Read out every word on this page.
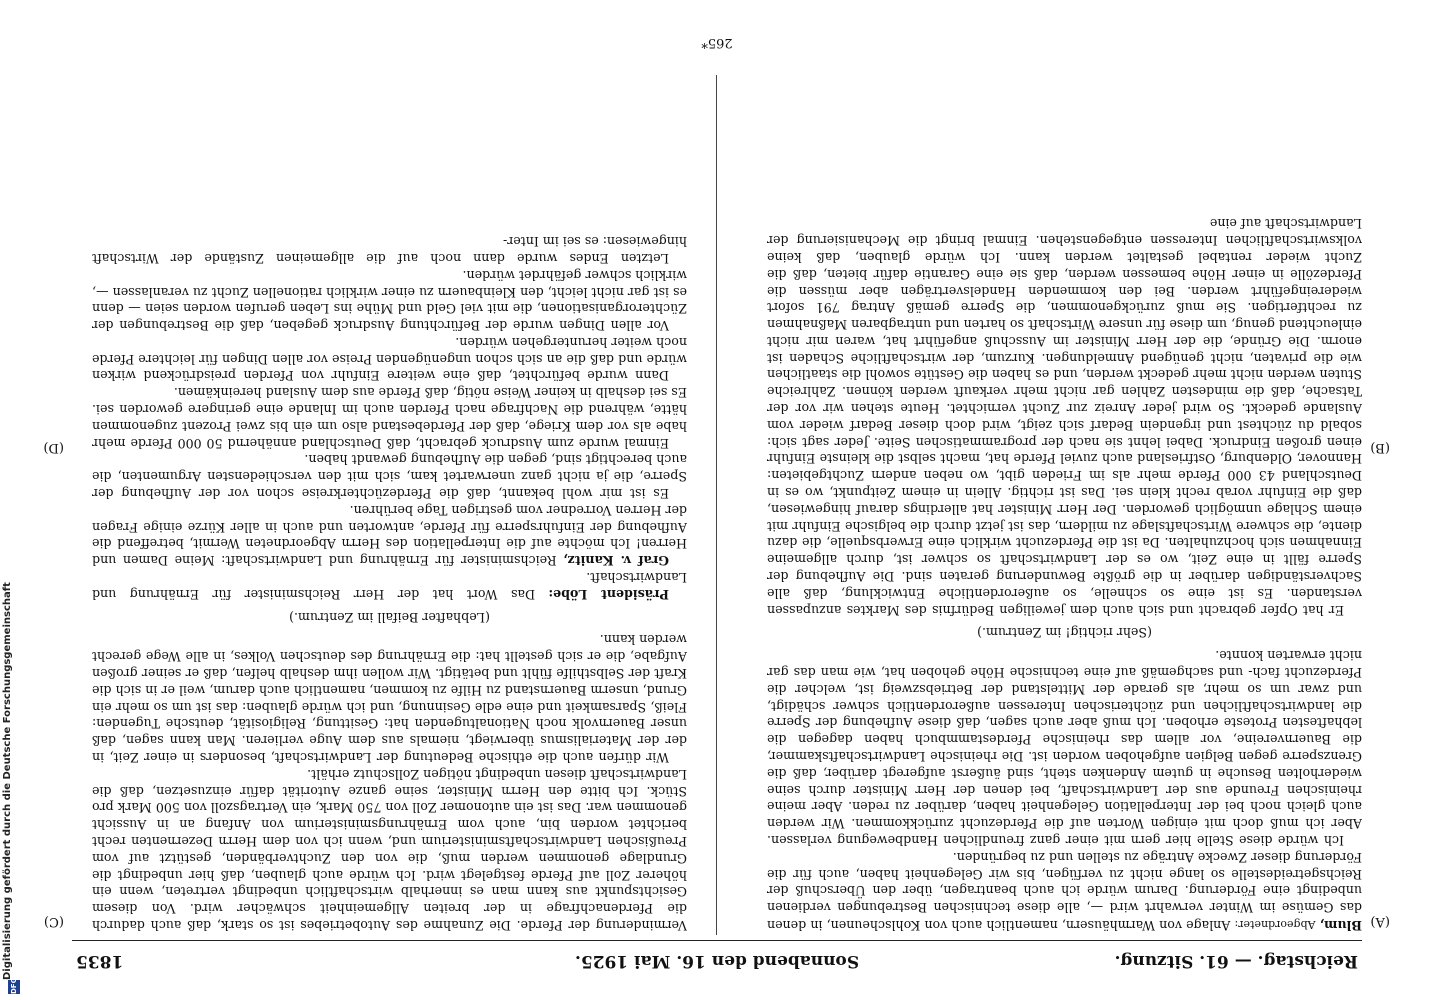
DFG
Digitalisierung gefördert durch die Deutsche Forschungsgemeinschaft	Reichstag. — 61. Sitzung.
Sonnabend den 16. Mai 1925.
1835
(A)
(B)
(C)
(D)

Blum, Abgeordneter: Anlage von Warmhäusern, namentlich auch von Kohlscheunen, in denen das Gemüse im Winter verwahrt wird —, alle diese technischen Bestrebungen verdienen unbedingt eine Förderung. Darum würde ich auch beantragen, über den Überschuß der Reichsgetreidestelle so lange nicht zu verfügen, bis wir Gelegenheit haben, auch für die Förderung dieser Zwecke Anträge zu stellen und zu begründen.

Ich würde diese Stelle hier gern mit einer ganz freundlichen Handbewegung verlassen. Aber ich muß doch mit einigen Worten auf die Pferdezucht zurückkommen. Wir werden auch gleich noch bei der Interpellation Gelegenheit haben, darüber zu reden. Aber meine rheinischen Freunde aus der Landwirtschaft, bei denen der Herr Minister durch seine wiederholten Besuche in gutem Andenken steht, sind äußerst aufgeregt darüber, daß die Grenzsperre gegen Belgien aufgehoben worden ist. Die rheinische Landwirtschaftskammer, die Bauernvereine, vor allem das rheinische Pferdestammbuch haben dagegen die lebhaftesten Proteste erhoben. Ich muß aber auch sagen, daß diese Aufhebung der Sperre die landwirtschaftlichen und züchterischen Interessen außerordentlich schwer schädigt, und zwar um so mehr, als gerade der Mittelstand der Betriebszweig ist, welcher die Pferdezucht fach- und sachgemäß auf eine technische Höhe gehoben hat, wie man das gar nicht erwarten konnte.

(Sehr richtig! im Zentrum.)

Er hat Opfer gebracht und sich auch dem jeweiligen Bedürfnis des Marktes anzupassen verstanden. Es ist eine so schnelle, so außerordentliche Entwicklung, daß alle Sachverständigen darüber in die größte Bewunderung geraten sind. Die Aufhebung der Sperre fällt in eine Zeit, wo es der Landwirtschaft so schwer ist, durch allgemeine Einnahmen sich hochzuhalten. Da ist die Pferdezucht wirklich eine Erwerbsquelle, die dazu diente, die schwere Wirtschaftslage zu mildern, das ist jetzt durch die belgische Einfuhr mit einem Schlage unmöglich geworden. Der Herr Minister hat allerdings darauf hingewiesen, daß die Einfuhr vorab recht klein sei. Das ist richtig. Allein in einem Zeitpunkt, wo es in Deutschland 43 000 Pferde mehr als im Frieden gibt, wo neben andern Zuchtgebieten: Hannover, Oldenburg, Ostfriesland auch zuviel Pferde hat, macht selbst die kleinste Einfuhr einen großen Eindruck. Dabei lehnt sie nach der programmatischen Seite. Jeder sagt sich: sobald du züchtest und irgendein Bedarf sich zeigt, wird doch dieser Bedarf wieder vom Auslande gedeckt. So wird jeder Anreiz zur Zucht vernichtet. Heute stehen wir vor der Tatsache, daß die mindesten Zahlen gar nicht mehr verkauft werden können. Zahlreiche Stuten werden nicht mehr gedeckt werden, und es haben die Gestüte sowohl die staatlichen wie die privaten, nicht genügend Anmeldungen. Kurzum, der wirtschaftliche Schaden ist enorm. Die Gründe, die der Herr Minister im Ausschuß angeführt hat, waren mir nicht einleuchtend genug, um diese für unsere Wirtschaft so harten und untragbaren Maßnahmen zu rechtfertigen. Sie muß zurückgenommen, die Sperre gemäß Antrag 791 sofort wiedereingeführt werden. Bei den kommenden Handelsverträgen aber müssen die Pferdezölle in einer Höhe bemessen werden, daß sie eine Garantie dafür bieten, daß die Zucht wieder rentabel gestaltet werden kann. Ich würde glauben, daß keine volkswirtschaftlichen Interessen entgegenstehen. Einmal bringt die Mechanisierung der Landwirtschaft auf eine

Verminderung der Pferde. Die Zunahme des Autobetriebes ist so stark, daß auch dadurch die Pferdenachfrage in der breiten Allgemeinheit schwächer wird. Von diesem Gesichtspunkt aus kann man es innerhalb wirtschaftlich unbedingt vertreten, wenn ein höherer Zoll auf Pferde festgelegt wird. Ich würde auch glauben, daß hier unbedingt die Grundlage genommen werden muß, die von den Zuchtverbänden, gestützt auf vom Preußischen Landwirtschaftsministerium und, wenn ich von dem Herrn Dezernenten recht berichtet worden bin, auch vom Ernährungsministerium von Anfang an in Aussicht genommen war. Das ist ein autonomer Zoll von 750 Mark, ein Vertragszoll von 500 Mark pro Stück. Ich bitte den Herrn Minister, seine ganze Autorität dafür einzusetzen, daß die Landwirtschaft diesen unbedingt nötigen Zollschutz erhält.

Wir dürfen auch die ethische Bedeutung der Landwirtschaft, besonders in einer Zeit, in der der Materialismus überwiegt, niemals aus dem Auge verlieren. Man kann sagen, daß unser Bauernvolk noch Nationaltugenden hat: Gesittung, Religiosität, deutsche Tugenden: Fleiß, Sparsamkeit und eine edle Gesinnung, und ich würde glauben: das ist um so mehr ein Grund, unserm Bauernstand zu Hilfe zu kommen, namentlich auch darum, weil er in sich die Kraft der Selbsthilfe fühlt und betätigt. Wir wollen ihm deshalb helfen, daß er seiner großen Aufgabe, die er sich gestellt hat: die Ernährung des deutschen Volkes, in alle Wege gerecht werden kann.

(Lebhafter Beifall im Zentrum.)

Präsident Löbe: Das Wort hat der Herr Reichsminister für Ernährung und Landwirtschaft.

Graf v. Kanitz, Reichsminister für Ernährung und Landwirtschaft: Meine Damen und Herren! Ich möchte auf die Interpellation des Herrn Abgeordneten Wermit, betreffend die Aufhebung der Einfuhrsperre für Pferde, antworten und auch in aller Kürze einige Fragen der Herren Vorredner vom gestrigen Tage berühren.

Es ist mir wohl bekannt, daß die Pferdezüchterkreise schon vor der Aufhebung der Sperre, die ja nicht ganz unerwartet kam, sich mit den verschiedensten Argumenten, die auch berechtigt sind, gegen die Aufhebung gewandt haben.

Einmal wurde zum Ausdruck gebracht, daß Deutschland annähernd 50 000 Pferde mehr habe als vor dem Kriege, daß der Pferdebestand also um ein bis zwei Prozent zugenommen hätte, während die Nachfrage nach Pferden auch im Inlande eine geringere geworden sei. Es sei deshalb in keiner Weise nötig, daß Pferde aus dem Ausland hereinkämen.

Dann wurde befürchtet, daß eine weitere Einfuhr von Pferden preisdrückend wirken würde und daß die an sich schon ungenügenden Preise vor allen Dingen für leichtere Pferde noch weiter heruntergehen würden.

Vor allen Dingen wurde der Befürchtung Ausdruck gegeben, daß die Bestrebungen der Züchterorganisationen, die mit viel Geld und Mühe ins Leben gerufen worden seien — denn es ist gar nicht leicht, den Kleinbauern zu einer wirklich rationellen Zucht zu veranlassen —, wirklich schwer gefährdet würden.

Letzten Endes wurde dann noch auf die allgemeinen Zustände der Wirtschaft hingewiesen: es sei im Inter-

265*
